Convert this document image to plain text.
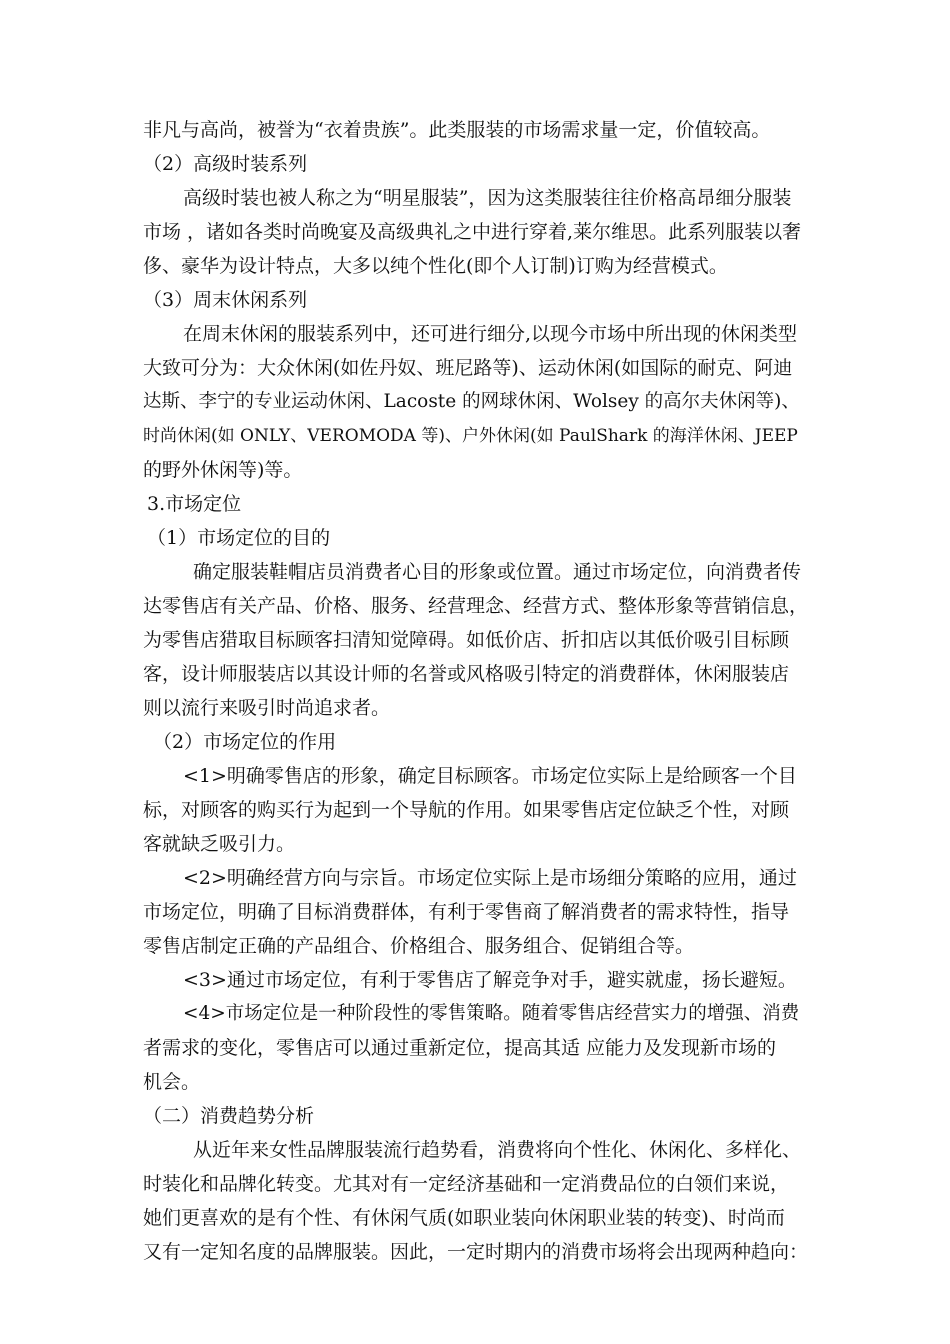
非凡与高尚，被誉为“衣着贵族”。此类服装的市场需求量一定，价值较高。
（2）高级时装系列
高级时装也被人称之为“明星服装”，因为这类服装往往价格高昂细分服装
市场 ，诸如各类时尚晚宴及高级典礼之中进行穿着,莱尔维思。此系列服装以奢
侈、豪华为设计特点，大多以纯个性化(即个人订制)订购为经营模式。
（3）周末休闲系列
在周末休闲的服装系列中，还可进行细分,以现今市场中所出现的休闲类型
大致可分为：大众休闲(如佐丹奴、班尼路等)、运动休闲(如国际的耐克、阿迪
达斯、李宁的专业运动休闲、Lacoste 的网球休闲、Wolsey 的高尔夫休闲等)、
时尚休闲(如 ONLY、VEROMODA 等)、户外休闲(如 PaulShark 的海洋休闲、JEEP
的野外休闲等)等。
3.市场定位
（1）市场定位的目的
确定服装鞋帽店员消费者心目的形象或位置。通过市场定位，向消费者传
达零售店有关产品、价格、服务、经营理念、经营方式、整体形象等营销信息，
为零售店猎取目标顾客扫清知觉障碍。如低价店、折扣店以其低价吸引目标顾
客，设计师服装店以其设计师的名誉或风格吸引特定的消费群体，休闲服装店
则以流行来吸引时尚追求者。
（2）市场定位的作用
<1>明确零售店的形象，确定目标顾客。市场定位实际上是给顾客一个目
标，对顾客的购买行为起到一个导航的作用。如果零售店定位缺乏个性，对顾
客就缺乏吸引力。
<2>明确经营方向与宗旨。市场定位实际上是市场细分策略的应用，通过
市场定位，明确了目标消费群体，有利于零售商了解消费者的需求特性，指导
零售店制定正确的产品组合、价格组合、服务组合、促销组合等。
<3>通过市场定位，有利于零售店了解竞争对手，避实就虚，扬长避短。
<4>市场定位是一种阶段性的零售策略。随着零售店经营实力的增强、消费
者需求的变化，零售店可以通过重新定位，提高其适 应能力及发现新市场的
机会。
（二）消费趋势分析
从近年来女性品牌服装流行趋势看，消费将向个性化、休闲化、多样化、
时装化和品牌化转变。尤其对有一定经济基础和一定消费品位的白领们来说，
她们更喜欢的是有个性、有休闲气质(如职业装向休闲职业装的转变)、时尚而
又有一定知名度的品牌服装。因此，一定时期内的消费市场将会出现两种趋向：
